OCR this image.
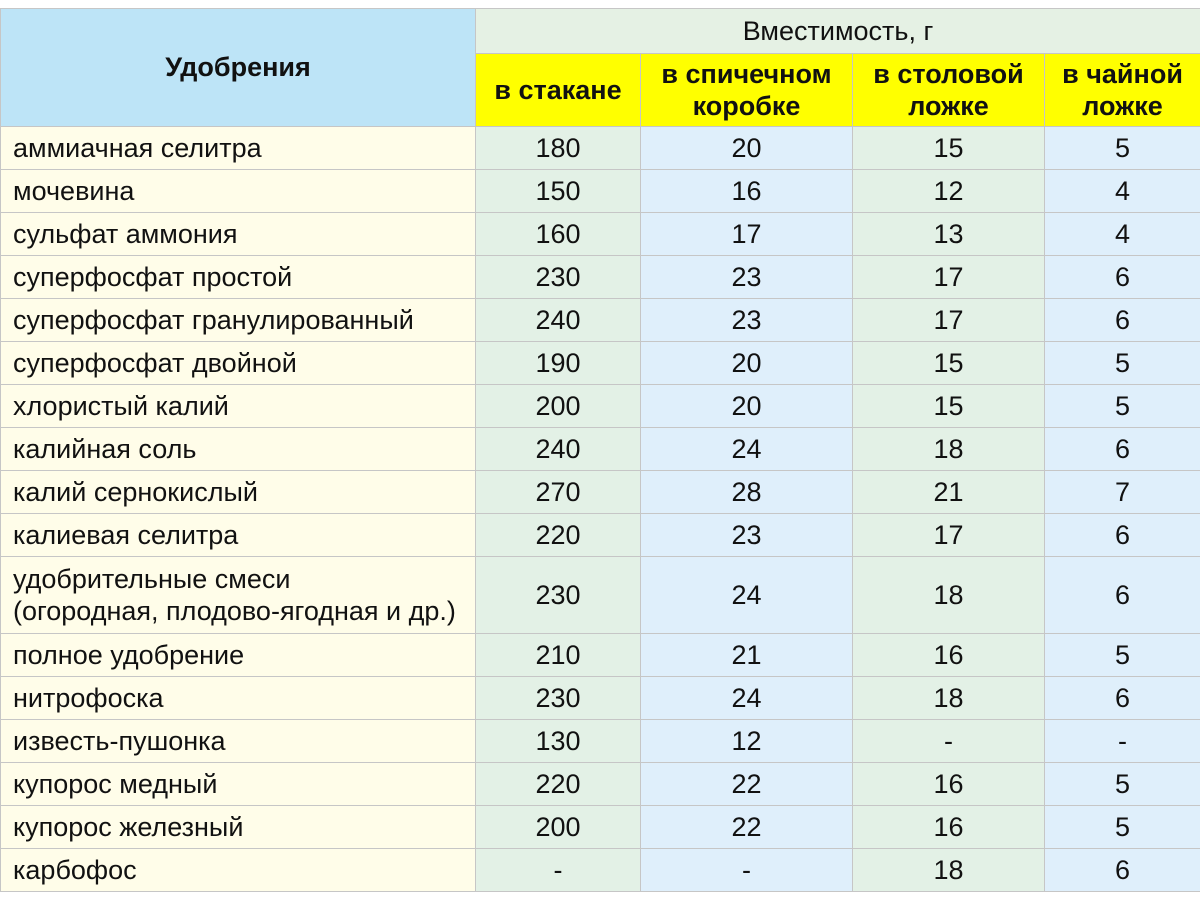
Удобрения	Вместимость, г			
	в стакане	в спичечном коробке	в столовой ложке	в чайной ложке

аммиачная селитра	180	20	15	5

мочевина	150	16	12	4

сульфат аммония	160	17	13	4

суперфосфат простой	230	23	17	6

суперфосфат гранулированный	240	23	17	6

суперфосфат двойной	190	20	15	5

хлористый калий	200	20	15	5

калийная соль	240	24	18	6

калий сернокислый	270	28	21	7

калиевая селитра	220	23	17	6

удобрительные смеси
(огородная, плодово-ягодная и др.)	230	24	18	6

полное удобрение	210	21	16	5

нитрофоска	230	24	18	6

известь-пушонка	130	12	-	-

купорос медный	220	22	16	5

купорос железный	200	22	16	5

карбофос	-	-	18	6
